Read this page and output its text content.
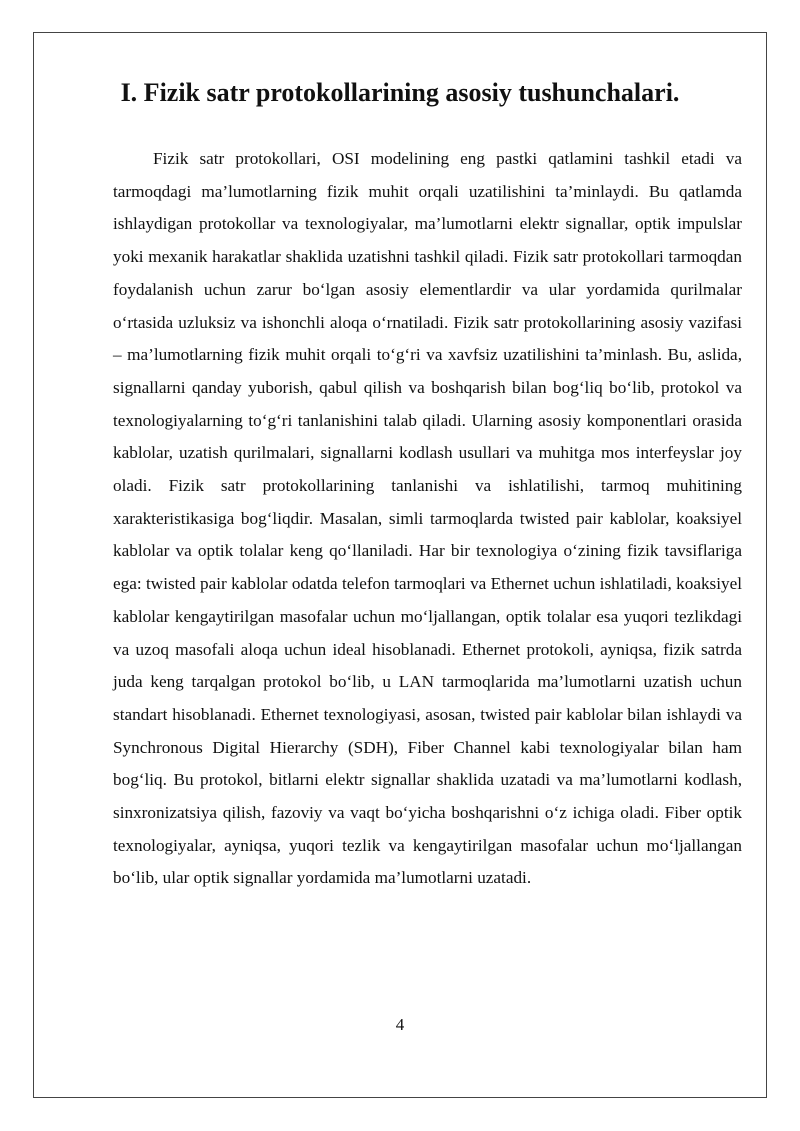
I. Fizik satr protokollarining asosiy tushunchalari.

Fizik satr protokollari, OSI modelining eng pastki qatlamini tashkil etadi va tarmoqdagi ma’lumotlarning fizik muhit orqali uzatilishini ta’minlaydi. Bu qatlamda ishlaydigan protokollar va texnologiyalar, ma’lumotlarni elektr signallar, optik impulslar yoki mexanik harakatlar shaklida uzatishni tashkil qiladi. Fizik satr protokollari tarmoqdan foydalanish uchun zarur bo‘lgan asosiy elementlardir va ular yordamida qurilmalar o‘rtasida uzluksiz va ishonchli aloqa o‘rnatiladi. Fizik satr protokollarining asosiy vazifasi – ma’lumotlarning fizik muhit orqali to‘g‘ri va xavfsiz uzatilishini ta’minlash. Bu, aslida, signallarni qanday yuborish, qabul qilish va boshqarish bilan bog‘liq bo‘lib, protokol va texnologiyalarning to‘g‘ri tanlanishini talab qiladi. Ularning asosiy komponentlari orasida kablolar, uzatish qurilmalari, signallarni kodlash usullari va muhitga mos interfeyslar joy oladi. Fizik satr protokollarining tanlanishi va ishlatilishi, tarmoq muhitining xarakteristikasiga bog‘liqdir. Masalan, simli tarmoqlarda twisted pair kablolar, koaksiyel kablolar va optik tolalar keng qo‘llaniladi. Har bir texnologiya o‘zining fizik tavsiflariga ega: twisted pair kablolar odatda telefon tarmoqlari va Ethernet uchun ishlatiladi, koaksiyel kablolar kengaytirilgan masofalar uchun mo‘ljallangan, optik tolalar esa yuqori tezlikdagi va uzoq masofali aloqa uchun ideal hisoblanadi. Ethernet protokoli, ayniqsa, fizik satrda juda keng tarqalgan protokol bo‘lib, u LAN tarmoqlarida ma’lumotlarni uzatish uchun standart hisoblanadi. Ethernet texnologiyasi, asosan, twisted pair kablolar bilan ishlaydi va Synchronous Digital Hierarchy (SDH), Fiber Channel kabi texnologiyalar bilan ham bog‘liq. Bu protokol, bitlarni elektr signallar shaklida uzatadi va ma’lumotlarni kodlash, sinxronizatsiya qilish, fazoviy va vaqt bo‘yicha boshqarishni o‘z ichiga oladi. Fiber optik texnologiyalar, ayniqsa, yuqori tezlik va kengaytirilgan masofalar uchun mo‘ljallangan bo‘lib, ular optik signallar yordamida ma’lumotlarni uzatadi.

4
